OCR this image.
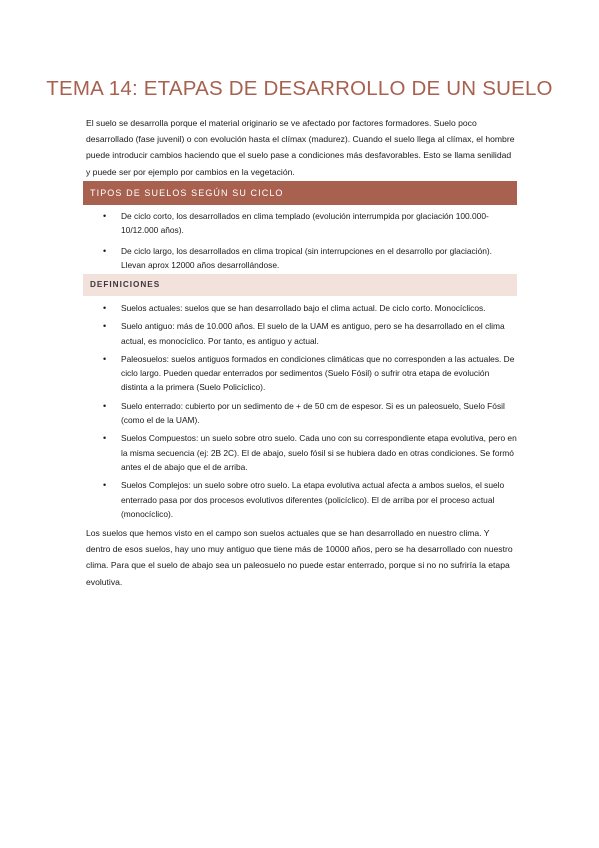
TEMA 14: ETAPAS DE DESARROLLO DE UN SUELO

El suelo se desarrolla porque el material originario se ve afectado por factores formadores. Suelo poco desarrollado (fase juvenil) o con evolución hasta el clímax (madurez). Cuando el suelo llega al clímax, el hombre puede introducir cambios haciendo que el suelo pase a condiciones más desfavorables. Esto se llama senilidad y puede ser por ejemplo por cambios en la vegetación.

TIPOS DE SUELOS SEGÚN SU CICLO
• De ciclo corto, los desarrollados en clima templado (evolución interrumpida por glaciación 100.000-10/12.000 años).
• De ciclo largo, los desarrollados en clima tropical (sin interrupciones en el desarrollo por glaciación). Llevan aprox 12000 años desarrollándose.
DEFINICIONES
• Suelos actuales: suelos que se han desarrollado bajo el clima actual. De ciclo corto. Monocíclicos.
• Suelo antiguo: más de 10.000 años. El suelo de la UAM es antiguo, pero se ha desarrollado en el clima actual, es monocíclico. Por tanto, es antiguo y actual.
• Paleosuelos: suelos antiguos formados en condiciones climáticas que no corresponden a las actuales. De ciclo largo. Pueden quedar enterrados por sedimentos (Suelo Fósil) o sufrir otra etapa de evolución distinta a la primera (Suelo Policíclico).
• Suelo enterrado: cubierto por un sedimento de + de 50 cm de espesor. Si es un paleosuelo, Suelo Fósil (como el de la UAM).
• Suelos Compuestos: un suelo sobre otro suelo. Cada uno con su correspondiente etapa evolutiva, pero en la misma secuencia (ej: 2B 2C). El de abajo, suelo fósil si se hubiera dado en otras condiciones. Se formó antes el de abajo que el de arriba.
• Suelos Complejos: un suelo sobre otro suelo. La etapa evolutiva actual afecta a ambos suelos, el suelo enterrado pasa por dos procesos evolutivos diferentes (policíclico). El de arriba por el proceso actual (monocíclico).

Los suelos que hemos visto en el campo son suelos actuales que se han desarrollado en nuestro clima. Y dentro de esos suelos, hay uno muy antiguo que tiene más de 10000 años, pero se ha desarrollado con nuestro clima. Para que el suelo de abajo sea un paleosuelo no puede estar enterrado, porque si no no sufriría la etapa evolutiva.
